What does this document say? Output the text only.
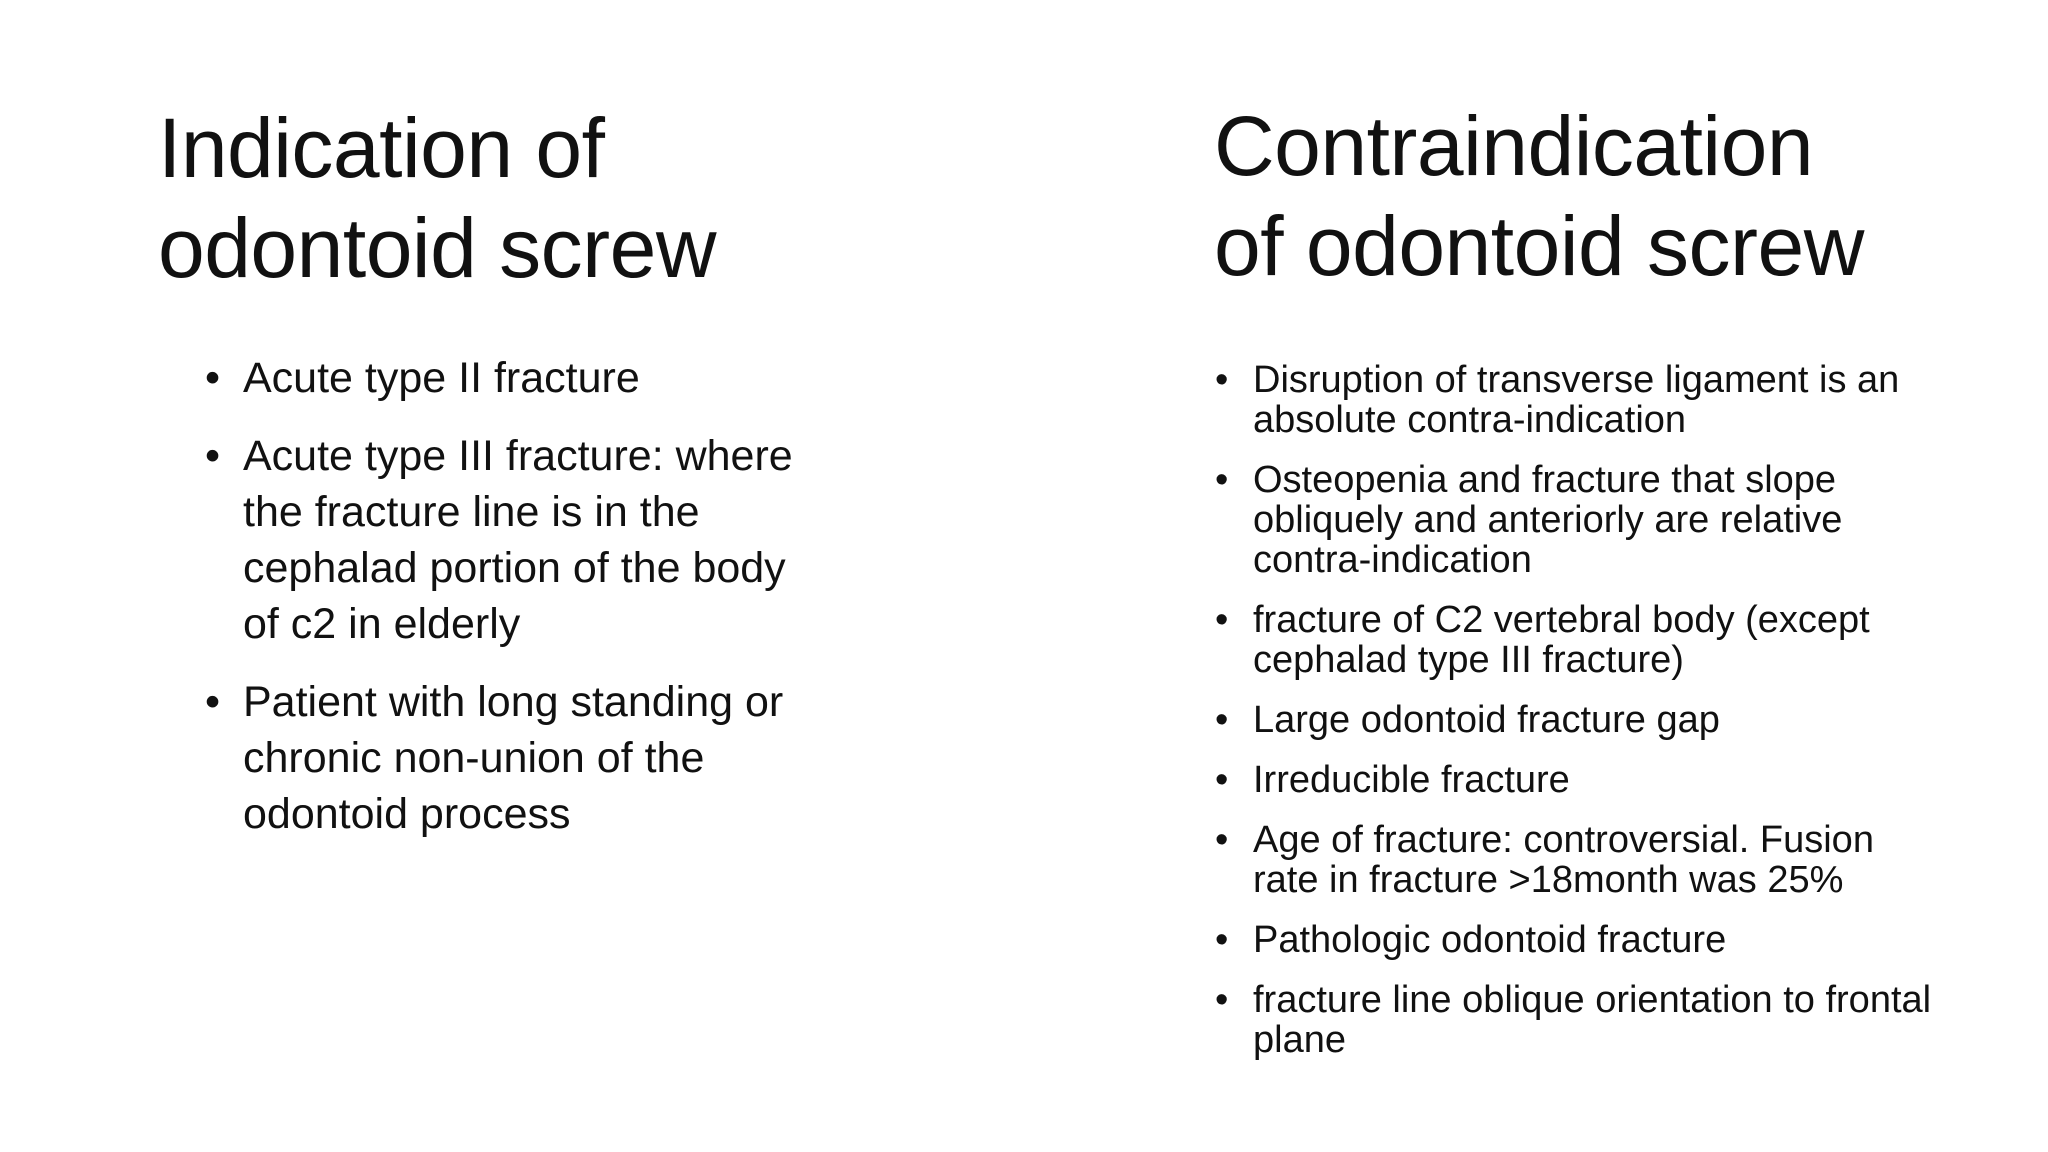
Indication of
odontoid screw
• Acute type II fracture
• Acute type III fracture: where the fracture line is in the cephalad portion of the body of c2 in elderly
• Patient with long standing or chronic non-union of the odontoid process
Contraindication
of odontoid screw
• Disruption of transverse ligament is an absolute contra-indication
• Osteopenia and fracture that slope obliquely and anteriorly are relative contra-indication
• fracture of C2 vertebral body (except cephalad type III fracture)
• Large odontoid fracture gap
• Irreducible fracture
• Age of fracture: controversial. Fusion rate in fracture >18month was 25%
• Pathologic odontoid fracture
• fracture line oblique orientation to frontal plane
